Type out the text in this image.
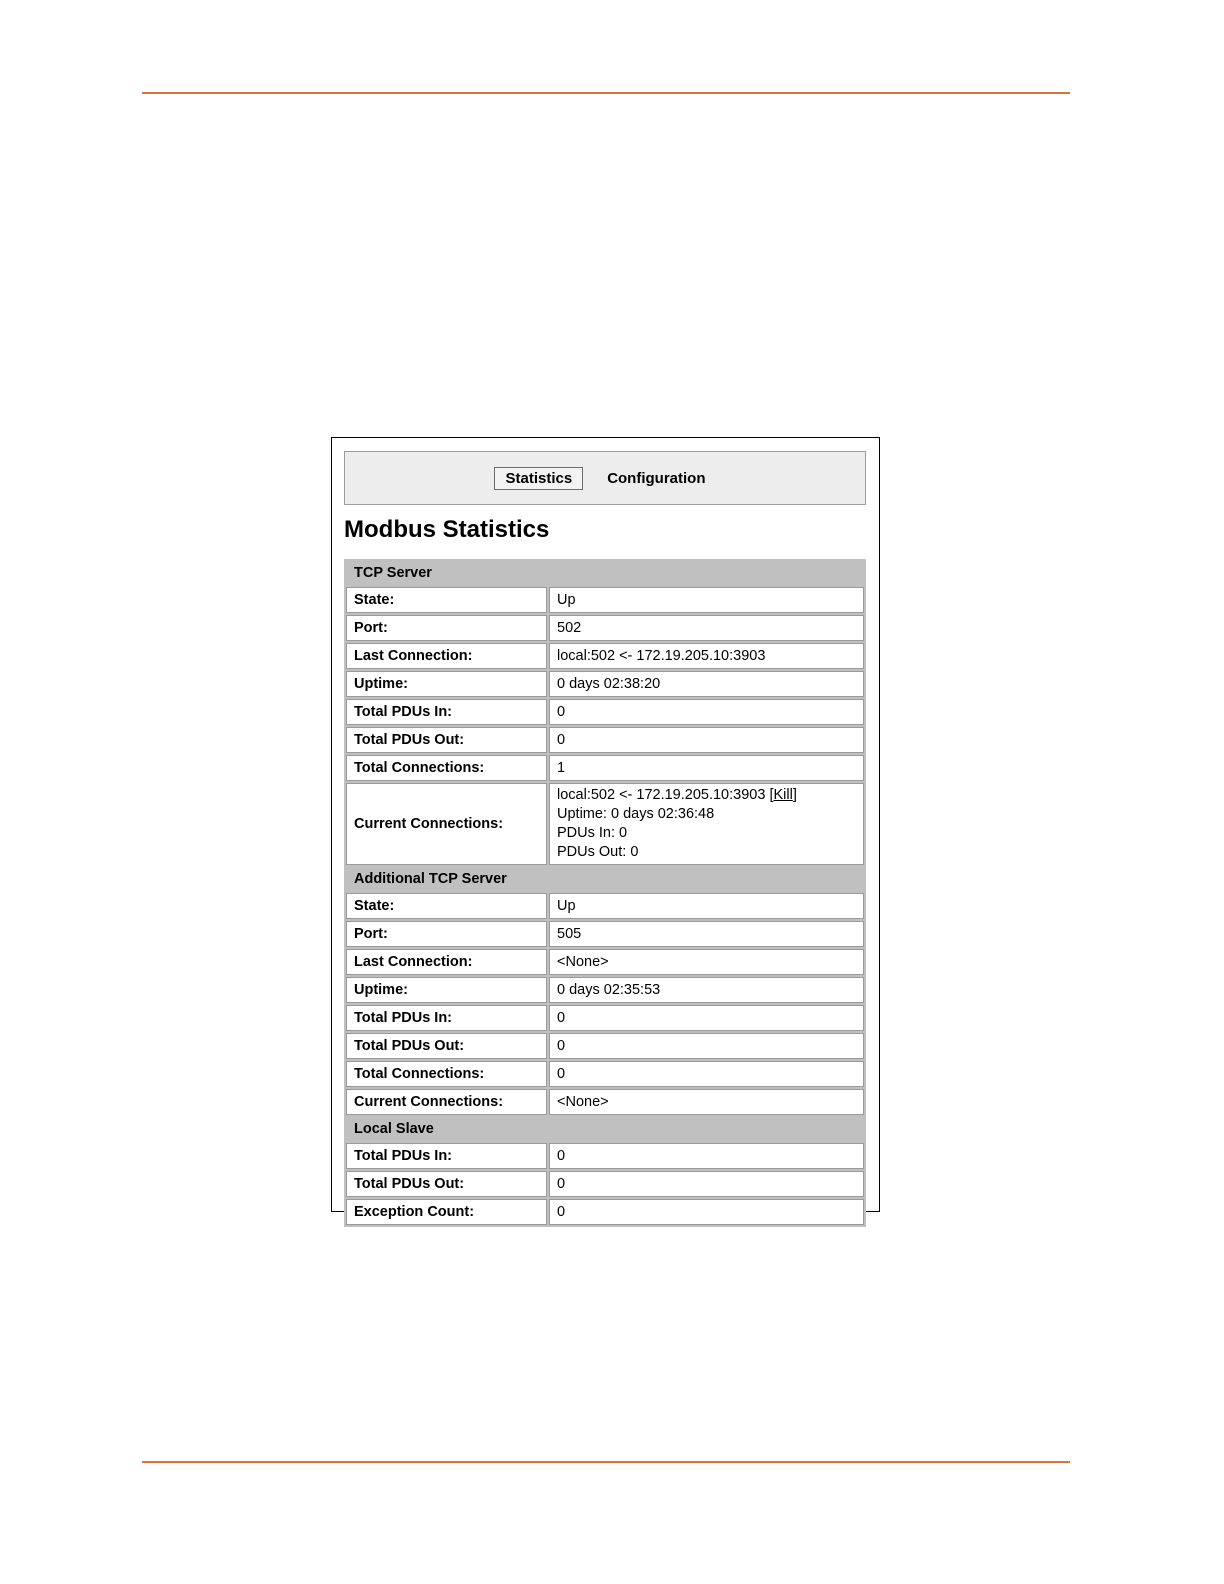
Statistics	Configuration
Modbus Statistics
TCP Server	
State:	Up
Port:	502
Last Connection:	local:502 <- 172.19.205.10:3903
Uptime:	0 days 02:38:20
Total PDUs In:	0
Total PDUs Out:	0
Total Connections:	1
Current Connections:	local:502 <- 172.19.205.10:3903 [Kill]
Uptime: 0 days 02:36:48
PDUs In: 0
PDUs Out: 0

Additional TCP Server	
State:	Up
Port:	505
Last Connection:	<None>
Uptime:	0 days 02:35:53
Total PDUs In:	0
Total PDUs Out:	0
Total Connections:	0
Current Connections:	<None>
Local Slave	
Total PDUs In:	0
Total PDUs Out:	0
Exception Count:	0
